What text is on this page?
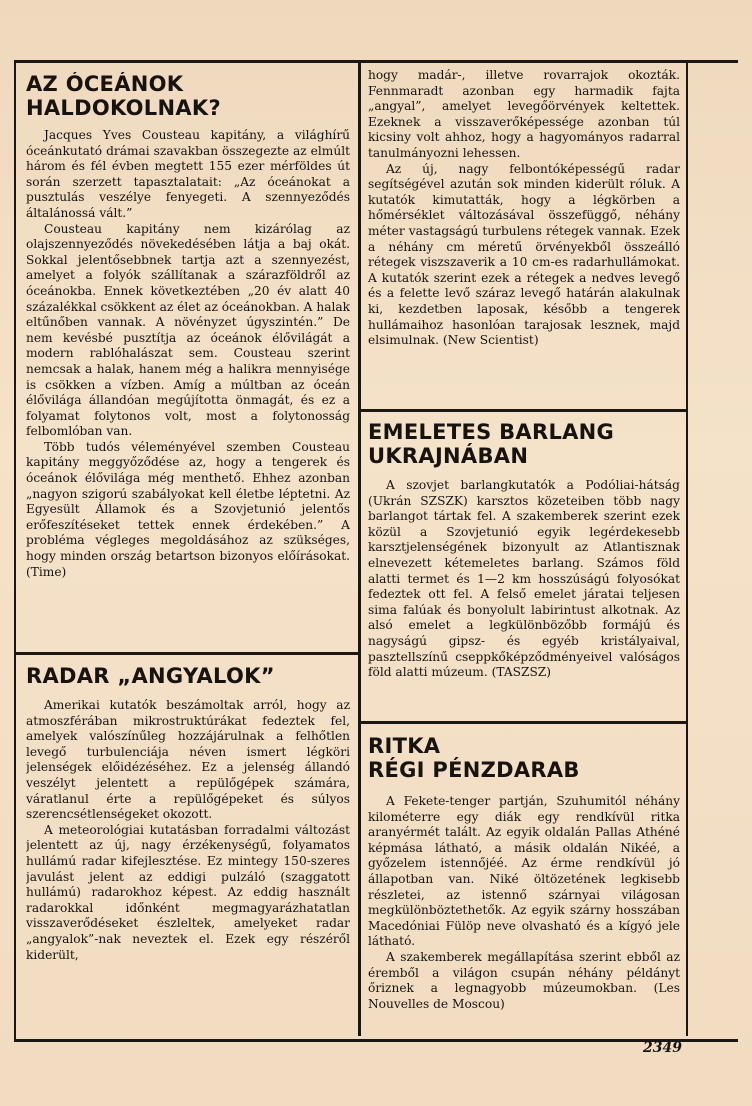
AZ ÓCEÁNOK
HALDOKOLNAK?

Jacques Yves Cousteau kapitány, a világhírű óceánkutató drámai szavakban összegezte az elmúlt három és fél évben megtett 155 ezer mérföldes út során szerzett tapasztalatait: „Az óceánokat a pusztulás veszélye fenyegeti. A szennyeződés általánossá vált.”

Cousteau kapitány nem kizárólag az olajszennyeződés növekedésében látja a baj okát. Sokkal jelentősebbnek tartja azt a szennyezést, amelyet a folyók szállítanak a szárazföldről az óceánokba. Ennek következtében „20 év alatt 40 százalékkal csökkent az élet az óceánokban. A halak eltűnőben vannak. A növényzet úgyszintén.” De nem kevésbé pusztítja az óceánok élővilágát a modern rablóhalászat sem. Cousteau szerint nemcsak a halak, hanem még a halikra mennyisége is csökken a vízben. Amíg a múltban az óceán élővilága állandóan megújította önmagát, és ez a folyamat folytonos volt, most a folytonosság felbomlóban van.

Több tudós véleményével szemben Cousteau kapitány meggyőződése az, hogy a tengerek és óceánok élővilága még menthető. Ehhez azonban „nagyon szigorú szabályokat kell életbe léptetni. Az Egyesült Államok és a Szovjetunió jelentős erőfeszítéseket tettek ennek érdekében.” A probléma végleges megoldásához az szükséges, hogy minden ország betartson bizonyos előírásokat. (Time)

RADAR „ANGYALOK”

Amerikai kutatók beszámoltak arról, hogy az atmoszférában mikrostruktúrákat fedeztek fel, amelyek valószínűleg hozzájárulnak a felhőtlen levegő turbulenciája néven ismert légköri jelenségek előidézéséhez. Ez a jelenség állandó veszélyt jelentett a repülőgépek számára, váratlanul érte a repülőgépeket és súlyos szerencsétlenségeket okozott.

A meteorológiai kutatásban forradalmi változást jelentett az új, nagy érzékenységű, folyamatos hullámú radar kifejlesztése. Ez mintegy 150-szeres javulást jelent az eddigi pulzáló (szaggatott hullámú) radarokhoz képest. Az eddig használt radarokkal időnként megmagyarázhatatlan visszaverődéseket észleltek, amelyeket radar „angyalok”-nak neveztek el. Ezek egy részéről kiderült,

hogy madár-, illetve rovarrajok okozták. Fennmaradt azonban egy harmadik fajta „angyal”, amelyet levegőörvények keltettek. Ezeknek a visszaverőképessége azonban túl kicsiny volt ahhoz, hogy a hagyományos radarral tanulmányozni lehessen.

Az új, nagy felbontóképességű radar segítségével azután sok minden kiderült róluk. A kutatók kimutatták, hogy a légkörben a hőmérséklet változásával összefüggő, néhány méter vastagságú turbulens rétegek vannak. Ezek a néhány cm méretű örvényekből összeálló rétegek viszszaverik a 10 cm-es radarhullámokat. A kutatók szerint ezek a rétegek a nedves levegő és a felette levő száraz levegő határán alakulnak ki, kezdetben laposak, később a tengerek hullámaihoz hasonlóan tarajosak lesznek, majd elsimulnak. (New Scientist)

EMELETES BARLANG
UKRAJNÁBAN

A szovjet barlangkutatók a Podóliai-hátság (Ukrán SZSZK) karsztos közeteiben több nagy barlangot tártak fel. A szakemberek szerint ezek közül a Szovjetunió egyik legérdekesebb karsztjelenségének bizonyult az Atlantisznak elnevezett kétemeletes barlang. Számos föld alatti termet és 1—2 km hosszúságú folyosókat fedeztek ott fel. A felső emelet járatai teljesen sima falúak és bonyolult labirintust alkotnak. Az alsó emelet a legkülönbözőbb formájú és nagyságú gipsz- és egyéb kristályaival, pasztellszínű cseppkőképződményeivel valóságos föld alatti múzeum. (TASZSZ)

RITKA
RÉGI PÉNZDARAB

A Fekete-tenger partján, Szuhumitól néhány kilométerre egy diák egy rendkívül ritka aranyérmét talált. Az egyik oldalán Pallas Athéné képmása látható, a másik oldalán Nikéé, a győzelem istennőjéé. Az érme rendkívül jó állapotban van. Niké öltözetének legkisebb részletei, az istennő szárnyai világosan megkülönböztethetők. Az egyik szárny hosszában Macedóniai Fülöp neve olvasható és a kígyó jele látható.

A szakemberek megállapítása szerint ebből az éremből a világon csupán néhány példányt őriznek a legnagyobb múzeumokban. (Les Nouvelles de Moscou)

2349
